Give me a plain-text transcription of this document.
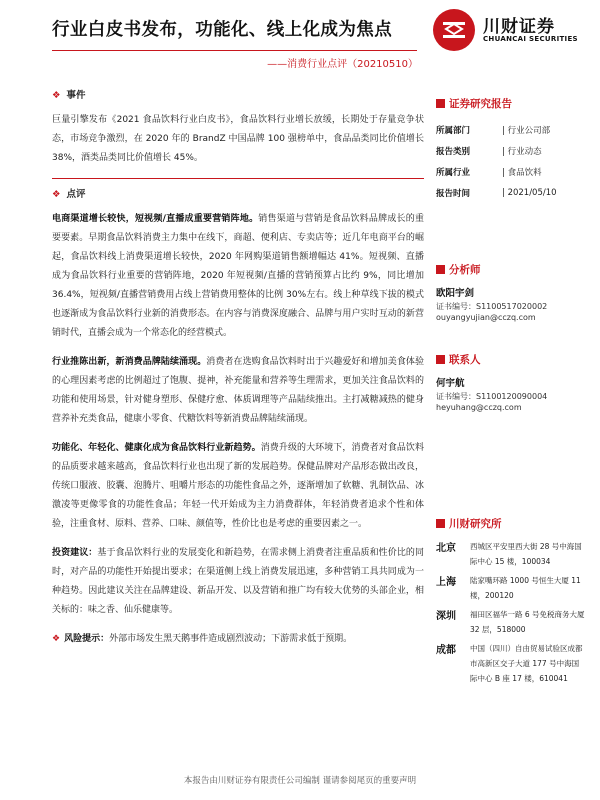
行业白皮书发布，功能化、线上化成为焦点	川财证券
CHUANCAI SECURITIES
——消费行业点评（20210510）
❖ 事件

巨量引擎发布《2021 食品饮料行业白皮书》，食品饮料行业增长放缓，长期处于存量竞争状态，市场竞争激烈，在 2020 年的 BrandZ 中国品牌 100 强榜单中，食品品类同比价值增长 38%，酒类品类同比价值增长 45%。

❖ 点评

电商渠道增长较快，短视频/直播成重要营销阵地。销售渠道与营销是食品饮料品牌成长的重要要素。早期食品饮料消费主力集中在线下，商超、便利店、专卖店等；近几年电商平台的崛起，食品饮料线上消费渠道增长较快，2020 年网购渠道销售额增幅达 41%。短视频、直播成为食品饮料行业重要的营销阵地，2020 年短视频/直播的营销预算占比约 9%，同比增加 36.4%，短视频/直播营销费用占线上营销费用整体的比例 30%左右。线上种草线下拔的模式也逐渐成为食品饮料行业新的消费形态。在内容与消费深度融合、品牌与用户实时互动的新营销时代，直播会成为一个常态化的经营模式。

行业推陈出新，新消费品牌陆续涌现。消费者在选购食品饮料时出于兴趣爱好和增加美食体验的心理因素考虑的比例超过了饱腹、提神，补充能量和营养等生理需求，更加关注食品饮料的功能和使用场景，针对健身塑形、保健疗愈、体质调理等产品陆续推出。主打减糖减热的健身营养补充类食品，健康小零食、代糖饮料等新消费品牌陆续涌现。

功能化、年轻化、健康化成为食品饮料行业新趋势。消费升级的大环境下，消费者对食品饮料的品质要求越来越高，食品饮料行业也出现了新的发展趋势。保健品牌对产品形态做出改良，传统口服液、胶囊、泡腾片、咀嚼片形态的功能性食品之外，逐渐增加了软糖、乳制饮品、冰激凌等更像零食的功能性食品；年轻一代开始成为主力消费群体，年轻消费者追求个性和体验，注重食材、原料、营养、口味、颜值等，性价比也是考虑的重要因素之一。

投资建议：基于食品饮料行业的发展变化和新趋势，在需求侧上消费者注重品质和性价比的同时，对产品的功能性开始提出要求；在渠道侧上线上消费发展迅速，多种营销工具共同成为一种趋势。因此建议关注在品牌建设、新品开发、以及营销和推广均有较大优势的头部企业，相关标的：味之香、仙乐健康等。

❖ 风险提示：外部市场发生黑天鹅事件造成剧烈波动；下游需求低于预期。

证券研究报告
所属部门	| 行业公司部
报告类别	| 行业动态
所属行业	| 食品饮料
报告时间	| 2021/05/10
分析师
欧阳宇剑
证书编号：S1100517020002
ouyangyujian@cczq.com
联系人
何宇航
证书编号：S1100120090004
heyuhang@cczq.com
川财研究所
北京	西城区平安里西大街 28 号中海国际中心 15 楼，100034
上海	陆家嘴环路 1000 号恒生大厦 11 楼，200120
深圳	福田区福华一路 6 号免税商务大厦 32 层，518000
成都	中国（四川）自由贸易试验区成都市高新区交子大道 177 号中海国际中心 B 座 17 楼，610041
本报告由川财证券有限责任公司编制 谨请参阅尾页的重要声明
